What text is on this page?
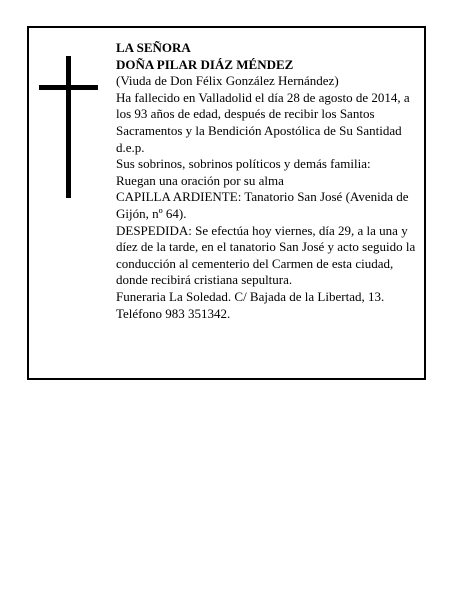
LA SEÑORA

DOÑA PILAR DIÁZ MÉNDEZ

(Viuda de Don Félix González Hernández)

Ha fallecido en Valladolid el día 28 de agosto de 2014, a los 93 años de edad, después de recibir los Santos Sacramentos y la Bendición Apostólica de Su Santidad d.e.p.

Sus sobrinos, sobrinos políticos y demás familia:

Ruegan una oración por su alma

CAPILLA ARDIENTE: Tanatorio San José (Avenida de Gijón, nº 64).

DESPEDIDA: Se efectúa hoy viernes, día 29, a la una y díez de la tarde, en el tanatorio San José y acto seguido la conducción al cementerio del Carmen de esta ciudad, donde recibirá cristiana sepultura.

Funeraria La Soledad. C/ Bajada de la Libertad, 13. Teléfono 983 351342.
